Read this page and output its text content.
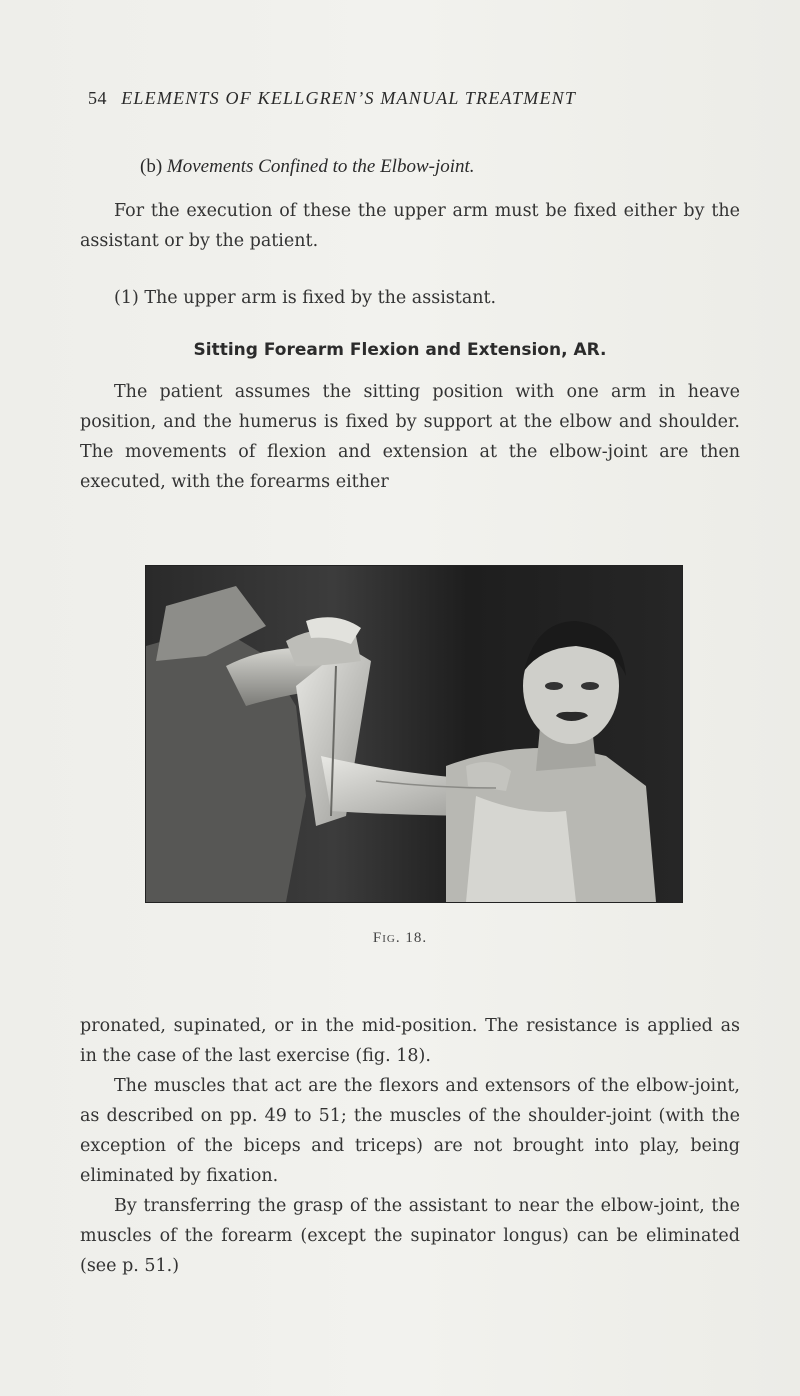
54 ELEMENTS OF KELLGREN’S MANUAL TREATMENT
(b) Movements Confined to the Elbow-joint.

For the execution of these the upper arm must be fixed either by the assistant or by the patient.

(1) The upper arm is fixed by the assistant.

Sitting Forearm Flexion and Extension, AR.

The patient assumes the sitting position with one arm in heave position, and the humerus is fixed by support at the elbow and shoulder. The movements of flexion and extension at the elbow-joint are then executed, with the forearms either

Fig. 18.

pronated, supinated, or in the mid-position. The resistance is applied as in the case of the last exercise (fig. 18).

The muscles that act are the flexors and extensors of the elbow-joint, as described on pp. 49 to 51; the muscles of the shoulder-joint (with the exception of the biceps and triceps) are not brought into play, being eliminated by fixation.

By transferring the grasp of the assistant to near the elbow-joint, the muscles of the forearm (except the supinator longus) can be eliminated (see p. 51.)
